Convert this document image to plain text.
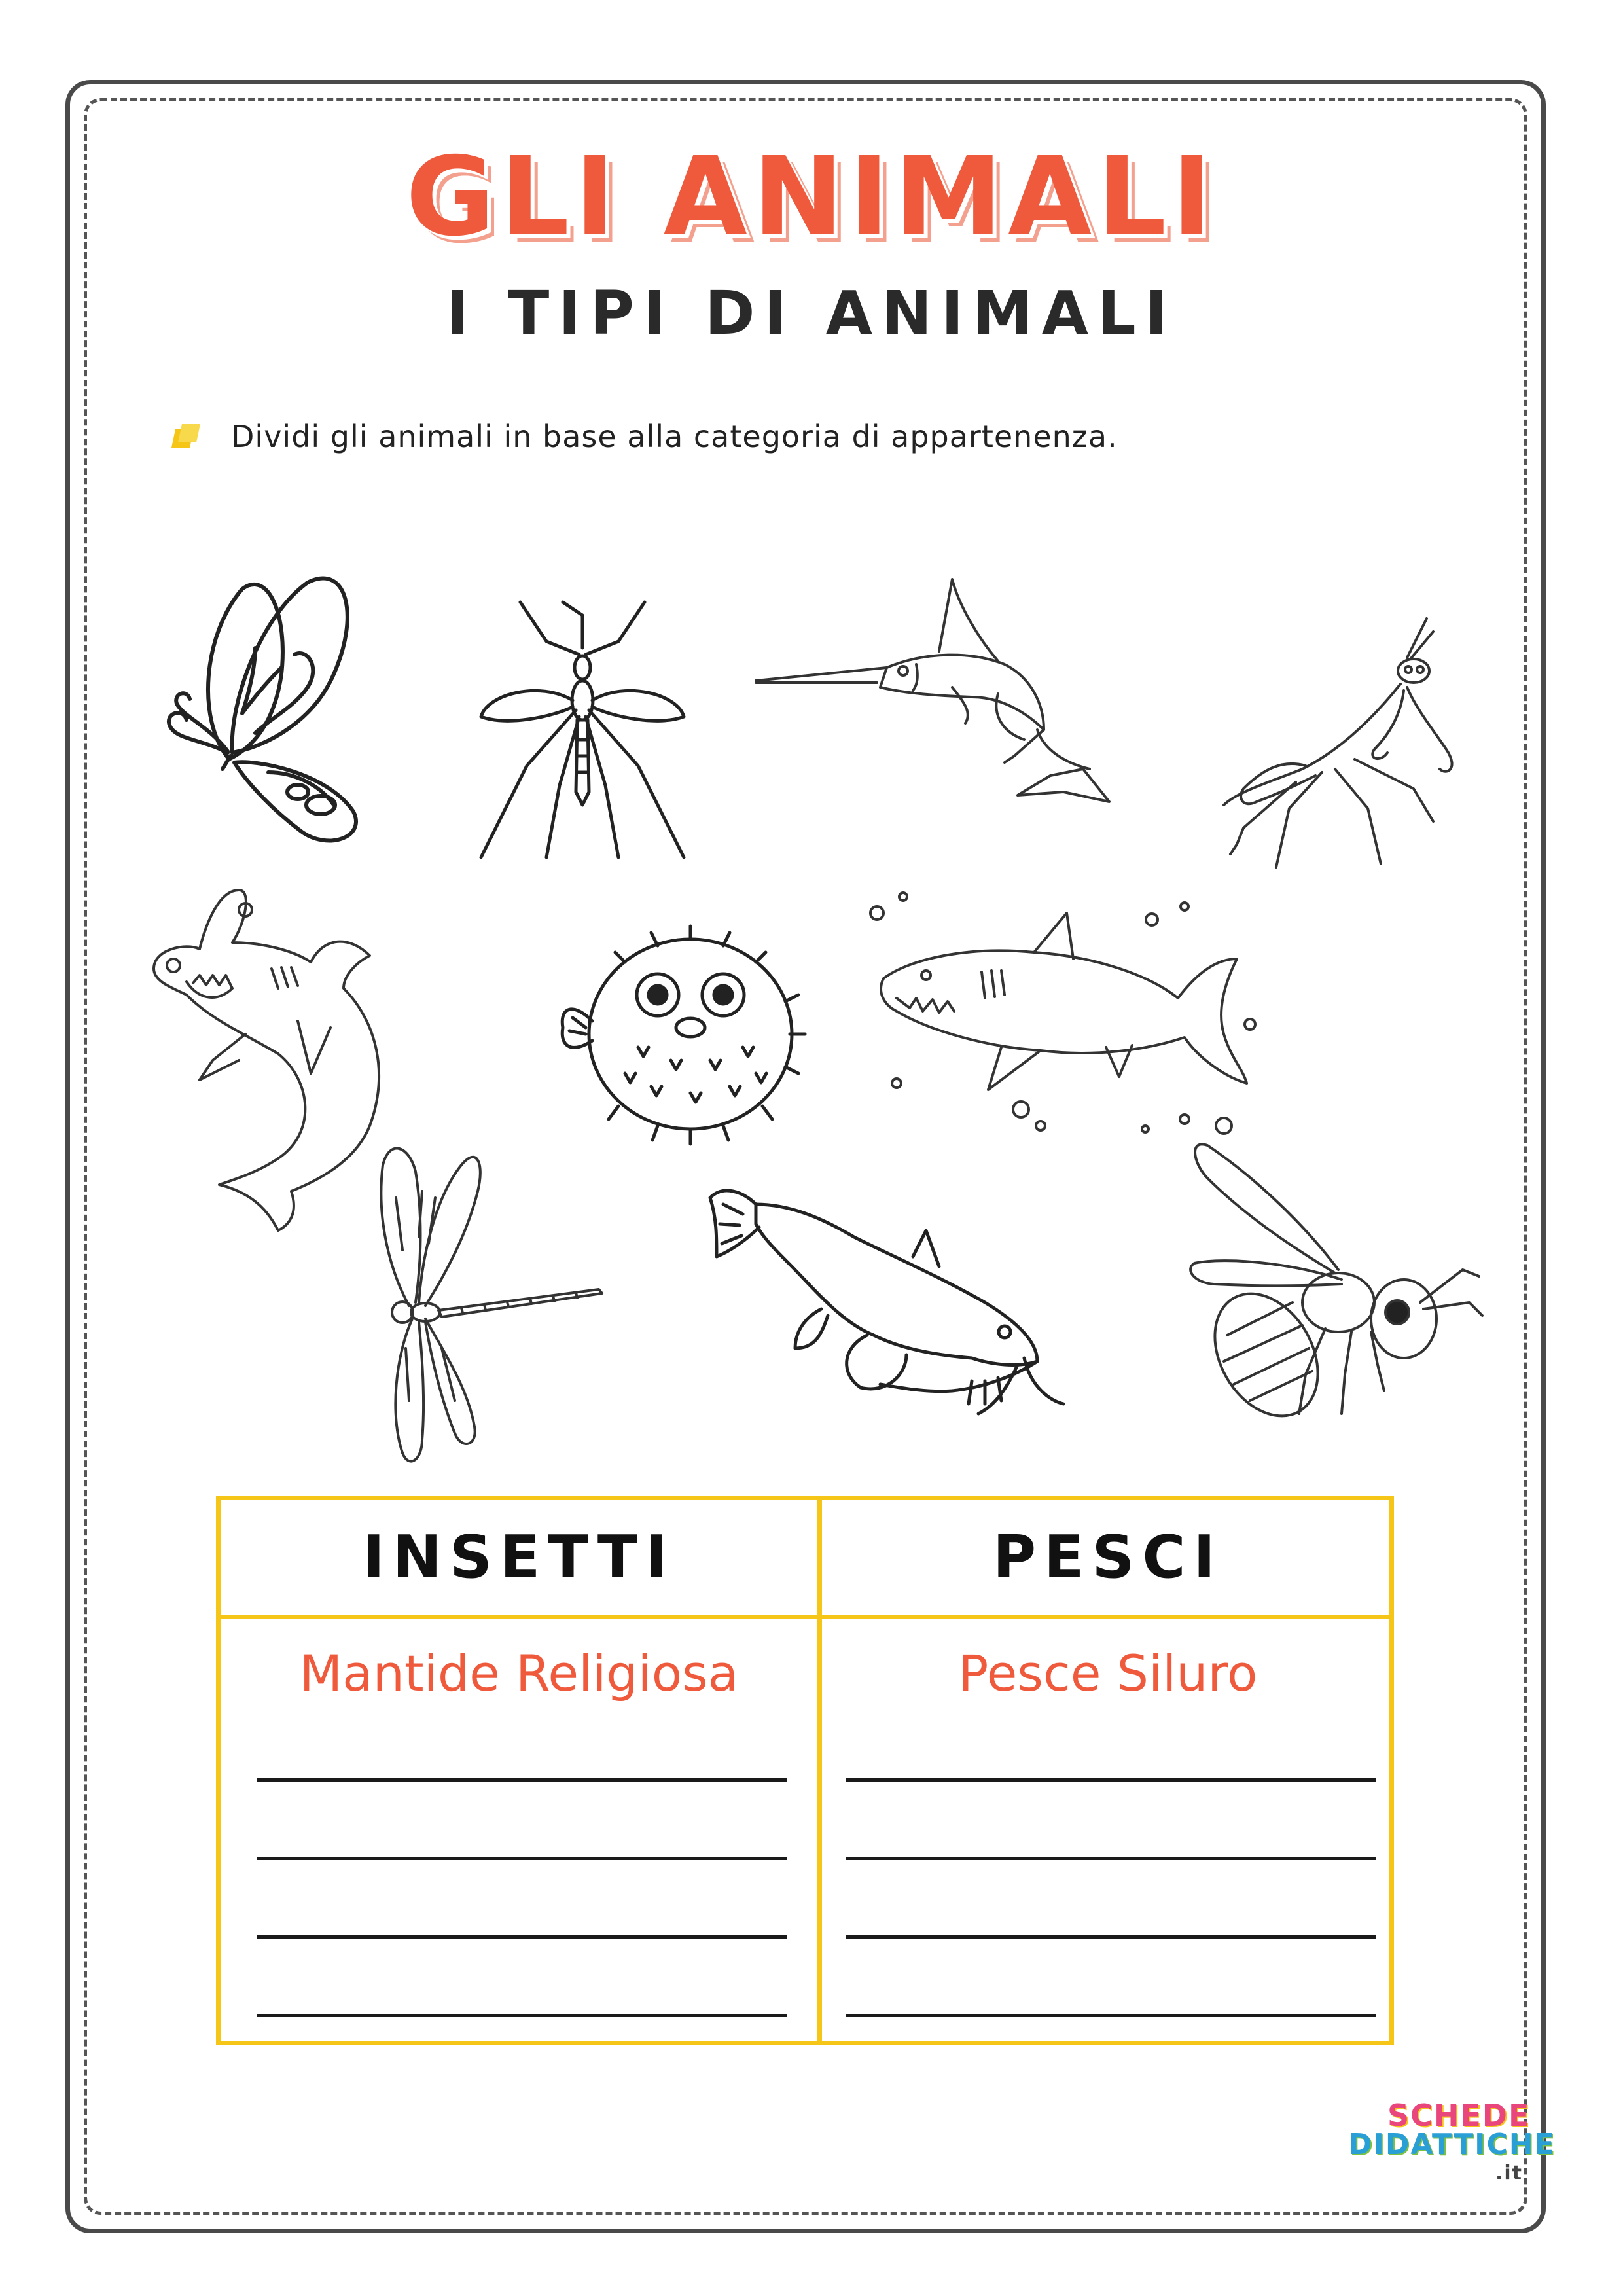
GLI ANIMALI
I TIPI DI ANIMALI
Dividi gli animali in base alla categoria di appartenenza.
INSETTI	PESCI
Mantide Religiosa	Pesce Siluro
SCHEDE
DIDATTICHE
.it
